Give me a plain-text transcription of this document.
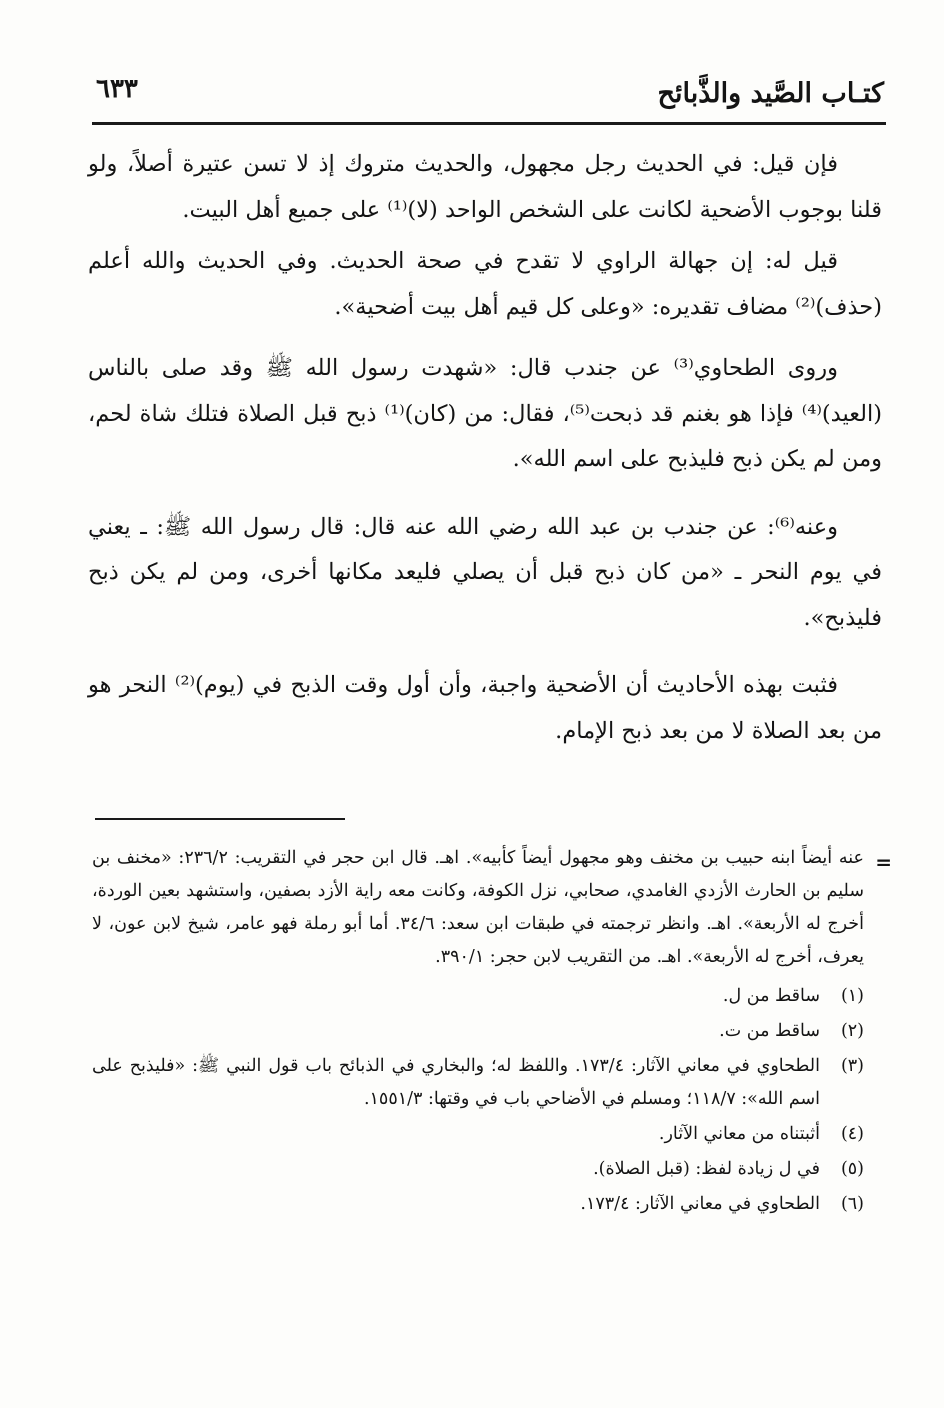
كتـاب الصَّيد والذَّبائح
٦٣٣

فإن قيل: في الحديث رجل مجهول، والحديث متروك إذ لا تسن عتيرة أصلاً، ولو قلنا بوجوب الأضحية لكانت على الشخص الواحد (لا)⁽¹⁾ على جميع أهل البيت.

قيل له: إن جهالة الراوي لا تقدح في صحة الحديث. وفي الحديث والله أعلم (حذف)⁽²⁾ مضاف تقديره: «وعلى كل قيم أهل بيت أضحية».

وروى الطحاوي⁽³⁾ عن جندب قال: «شهدت رسول الله ﷺ وقد صلى بالناس (العيد)⁽⁴⁾ فإذا هو بغنم قد ذبحت⁽⁵⁾، فقال: من (كان)⁽¹⁾ ذبح قبل الصلاة فتلك شاة لحم، ومن لم يكن ذبح فليذبح على اسم الله».

وعنه⁽⁶⁾: عن جندب بن عبد الله رضي الله عنه قال: قال رسول الله ﷺ: ـ يعني في يوم النحر ـ «من كان ذبح قبل أن يصلي فليعد مكانها أخرى، ومن لم يكن ذبح فليذبح».

فثبت بهذه الأحاديث أن الأضحية واجبة، وأن أول وقت الذبح في (يوم)⁽²⁾ النحر هو من بعد الصلاة لا من بعد ذبح الإمام.

=

عنه أيضاً ابنه حبيب بن مخنف وهو مجهول أيضاً كأبيه». اهـ. قال ابن حجر في التقريب: ٢٣٦/٢: «مخنف بن سليم بن الحارث الأزدي الغامدي، صحابي، نزل الكوفة، وكانت معه راية الأزد بصفين، واستشهد بعين الوردة، أخرج له الأربعة». اهـ. وانظر ترجمته في طبقات ابن سعد: ٣٤/٦. أما أبو رملة فهو عامر، شيخ لابن عون، لا يعرف، أخرج له الأربعة». اهـ. من التقريب لابن حجر: ٣٩٠/١.

(١)
ساقط من ل.

(٢)
ساقط من ت.

(٣)
الطحاوي في معاني الآثار: ١٧٣/٤. واللفظ له؛ والبخاري في الذبائح باب قول النبي ﷺ: «فليذبح على اسم الله»: ١١٨/٧؛ ومسلم في الأضاحي باب في وقتها: ١٥٥١/٣.

(٤)
أثبتناه من معاني الآثار.

(٥)
في ل زيادة لفظ: (قبل الصلاة).

(٦)
الطحاوي في معاني الآثار: ١٧٣/٤.
